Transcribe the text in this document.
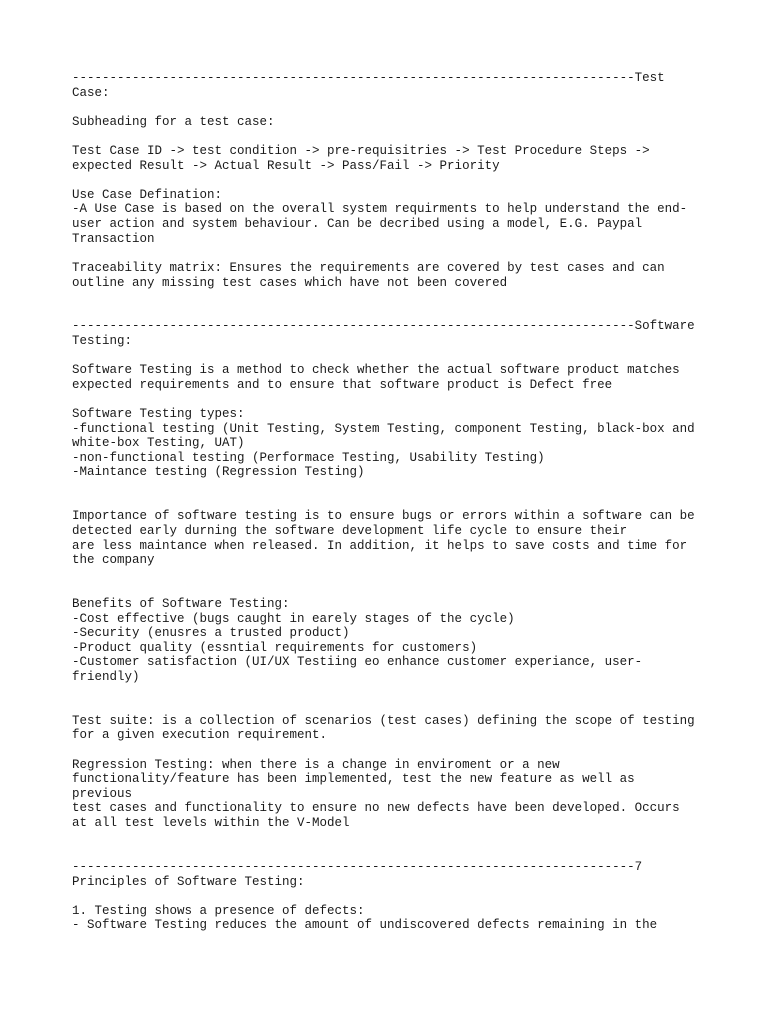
---------------------------------------------------------------------------Test
Case:
Subheading for a test case:
Test Case ID -> test condition -> pre-requisitries -> Test Procedure Steps ->
expected Result -> Actual Result -> Pass/Fail -> Priority
Use Case Defination:
-A Use Case is based on the overall system requirments to help understand the end-
user action and system behaviour. Can be decribed using a model, E.G. Paypal
Transaction
Traceability matrix: Ensures the requirements are covered by test cases and can
outline any missing test cases which have not been covered
---------------------------------------------------------------------------Software
Testing:
Software Testing is a method to check whether the actual software product matches
expected requirements and to ensure that software product is Defect free
Software Testing types:
-functional testing (Unit Testing, System Testing, component Testing, black-box and
white-box Testing, UAT)
-non-functional testing (Performace Testing, Usability Testing)
-Maintance testing (Regression Testing)
Importance of software testing is to ensure bugs or errors within a software can be
detected early durning the software development life cycle to ensure their
are less maintance when released. In addition, it helps to save costs and time for
the company
Benefits of Software Testing:
-Cost effective (bugs caught in earely stages of the cycle)
-Security (enusres a trusted product)
-Product quality (essntial requirements for customers)
-Customer satisfaction (UI/UX Testiing eo enhance customer experiance, user-
friendly)
Test suite: is a collection of scenarios (test cases) defining the scope of testing
for a given execution requirement.
Regression Testing: when there is a change in enviroment or a new
functionality/feature has been implemented, test the new feature as well as
previous
test cases and functionality to ensure no new defects have been developed. Occurs
at all test levels within the V-Model
---------------------------------------------------------------------------7
Principles of Software Testing:
1. Testing shows a presence of defects:
- Software Testing reduces the amount of undiscovered defects remaining in the
